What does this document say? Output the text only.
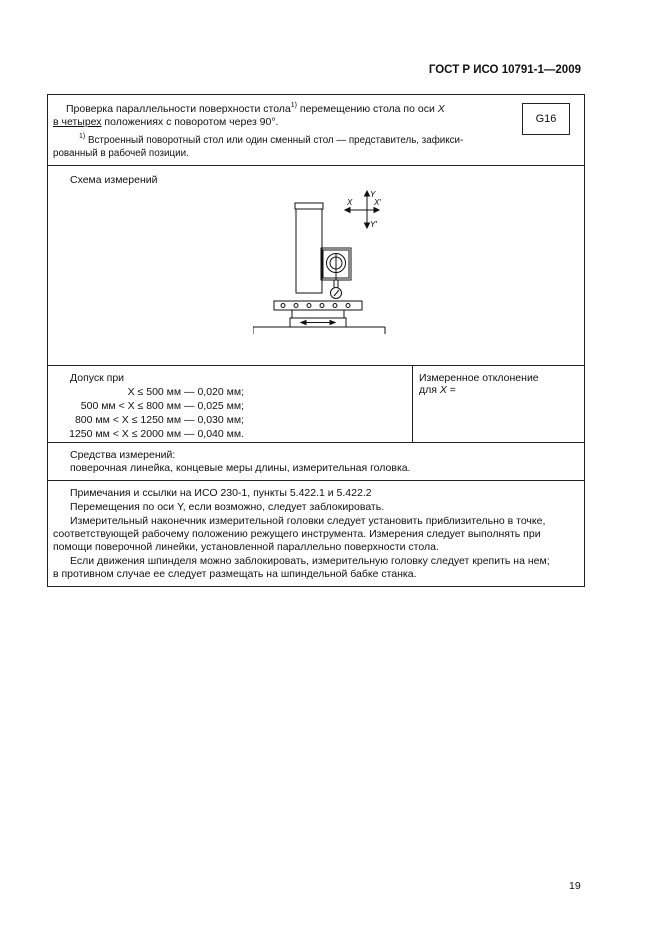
ГОСТ Р ИСО 10791-1—2009
Проверка параллельности поверхности стола$^{1)}$ перемещению стола по оси X
в четырех положениях с поворотом через 90°.
$^{1)}$ Встроенный поворотный стол или один сменный стол — представитель, зафикси-
рованный в рабочей позиции.
G16
Схема измерений
X	X′
Y
Y′
Допуск при
X ≤ 500 мм — 0,020 мм;
500 мм < X ≤ 800 мм — 0,025 мм;
800 мм < X ≤ 1250 мм — 0,030 мм;
1250 мм < X ≤ 2000 мм — 0,040 мм.
Измеренное отклонение
для X =
Средства измерений:
поверочная линейка, концевые меры длины, измерительная головка.
Примечания и ссылки на ИСО 230-1, пункты 5.422.1 и 5.422.2
Перемещения по оси Y, если возможно, следует заблокировать.
Измерительный наконечник измерительной головки следует установить приблизительно в точке,
соответствующей рабочему положению режущего инструмента. Измерения следует выполнять при
помощи поверочной линейки, установленной параллельно поверхности стола.
Если движения шпинделя можно заблокировать, измерительную головку следует крепить на нем;
в противном случае ее следует размещать на шпиндельной бабке станка.
19
